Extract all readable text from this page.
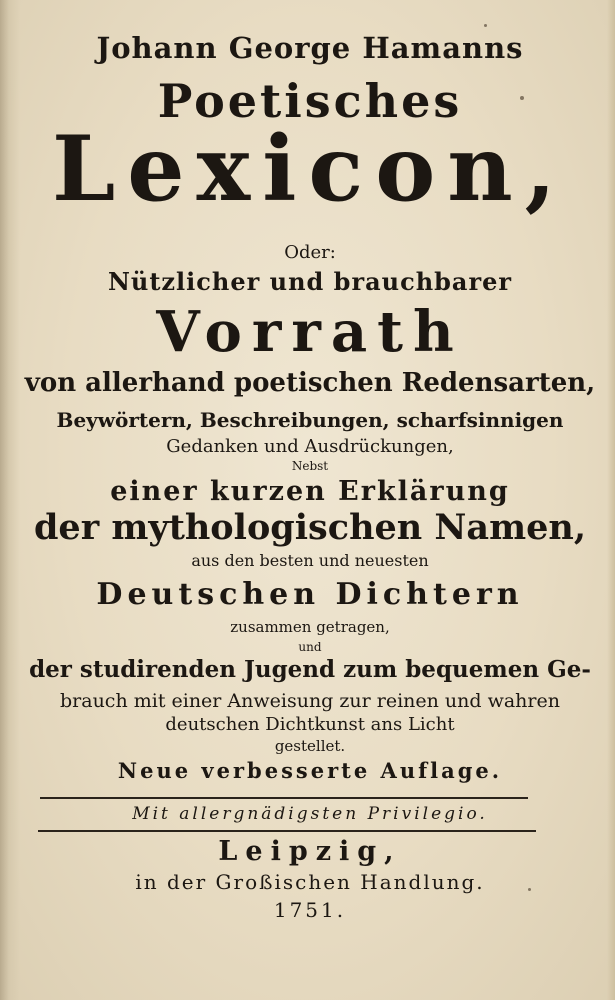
Johann George Hamanns
Poetisches
Lexicon,
Oder:
Nützlicher und brauchbarer
Vorrath
von allerhand poetischen Redensarten,
Beywörtern, Beschreibungen, scharfsinnigen
Gedanken und Ausdrückungen,
Nebst
einer kurzen Erklärung
der mythologischen Namen,
aus den besten und neuesten
Deutschen Dichtern
zusammen getragen,
und
der studirenden Jugend zum bequemen Ge-
brauch mit einer Anweisung zur reinen und wahren
deutschen Dichtkunst ans Licht
gestellet.
Neue verbesserte Auflage.
Mit allergnädigsten Privilegio.
Leipzig,
in der Großischen Handlung.
1751.
